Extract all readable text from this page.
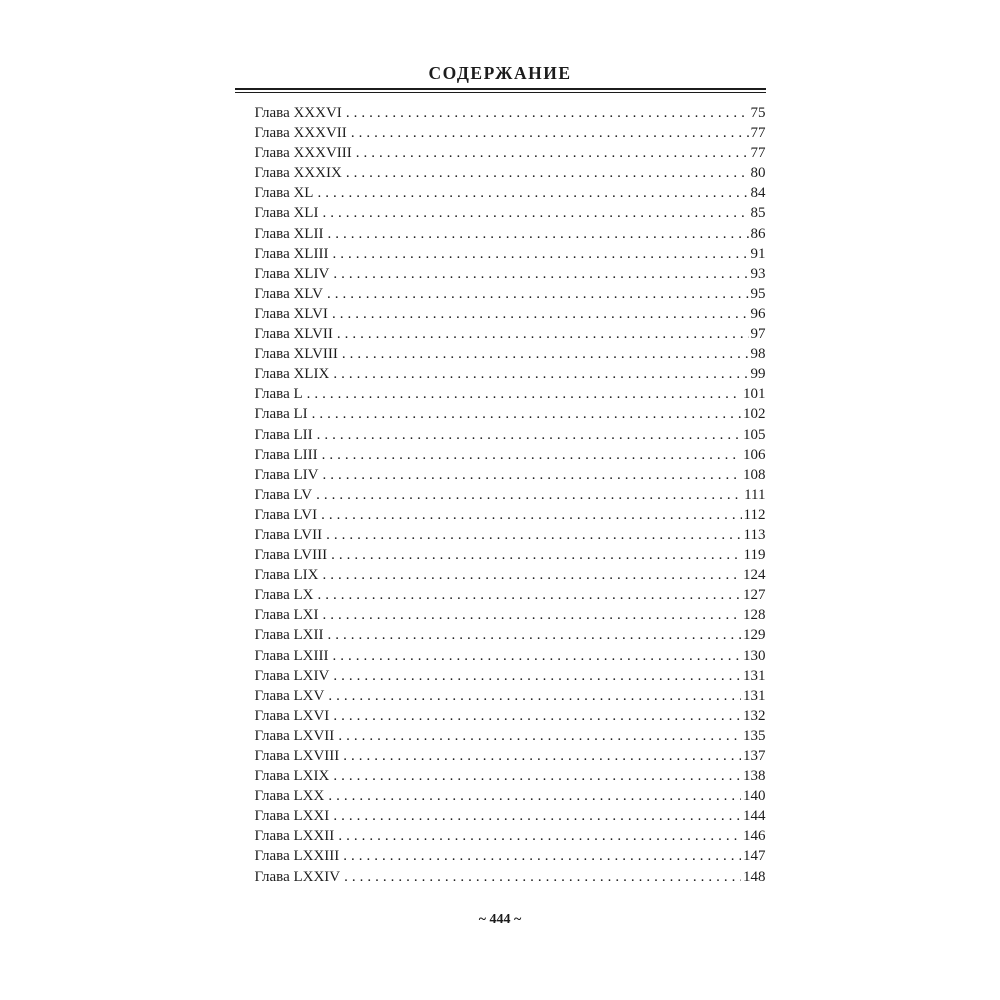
СОДЕРЖАНИЕ
Глава XXXVI .....	75
Глава XXXVII .....	77
Глава XXXVIII .....	77
Глава XXXIX .....	80
Глава XL .....	84
Глава XLI .....	85
Глава XLII .....	86
Глава XLIII .....	91
Глава XLIV .....	93
Глава XLV .....	95
Глава XLVI .....	96
Глава XLVII .....	97
Глава XLVIII .....	98
Глава XLIX .....	99
Глава L .....	101
Глава LI .....	102
Глава LII .....	105
Глава LIII .....	106
Глава LIV .....	108
Глава LV .....	111
Глава LVI .....	112
Глава LVII .....	113
Глава LVIII .....	119
Глава LIX .....	124
Глава LX .....	127
Глава LXI .....	128
Глава LXII .....	129
Глава LXIII .....	130
Глава LXIV .....	131
Глава LXV .....	131
Глава LXVI .....	132
Глава LXVII .....	135
Глава LXVIII .....	137
Глава LXIX .....	138
Глава LXX .....	140
Глава LXXI .....	144
Глава LXXII .....	146
Глава LXXIII .....	147
Глава LXXIV .....	148
~ 444 ~
